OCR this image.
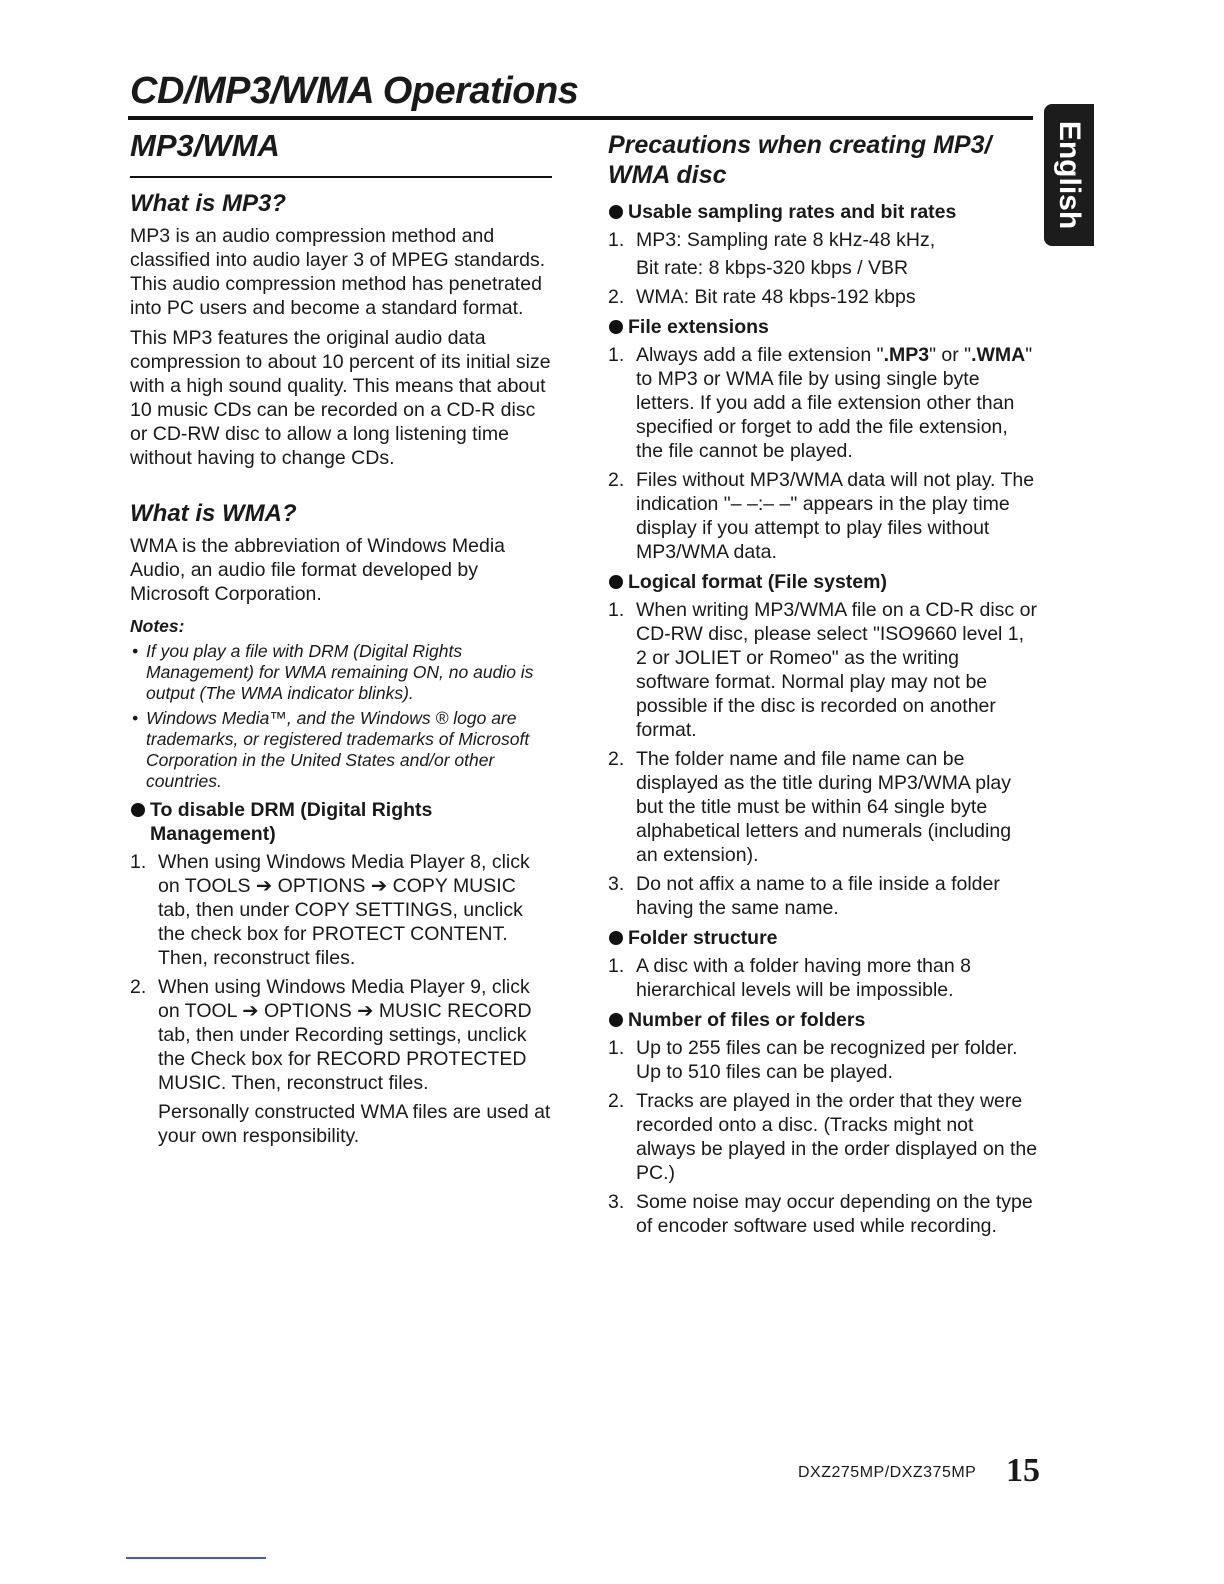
CD/MP3/WMA Operations
English
MP3/WMA
What is MP3?

MP3 is an audio compression method and classified into audio layer 3 of MPEG standards. This audio compression method has penetrated into PC users and become a standard format.

This MP3 features the original audio data compression to about 10 percent of its initial size with a high sound quality. This means that about 10 music CDs can be recorded on a CD-R disc or CD-RW disc to allow a long listening time without having to change CDs.

What is WMA?

WMA is the abbreviation of Windows Media Audio, an audio file format developed by Microsoft Corporation.

Notes:
• If you play a file with DRM (Digital Rights Management) for WMA remaining ON, no audio is output (The WMA indicator blinks).
• Windows Media™, and the Windows ® logo are trademarks, or registered trademarks of Microsoft Corporation in the United States and/or other countries.
To disable DRM (Digital Rights Management)
1. When using Windows Media Player 8, click on TOOLS ➔ OPTIONS ➔ COPY MUSIC tab, then under COPY SETTINGS, unclick the check box for PROTECT CONTENT. Then, reconstruct files.
2. When using Windows Media Player 9, click on TOOL ➔ OPTIONS ➔ MUSIC RECORD tab, then under Recording settings, unclick the Check box for RECORD PROTECTED MUSIC. Then, reconstruct files.

Personally constructed WMA files are used at your own responsibility.

Precautions when creating MP3/ WMA disc
Usable sampling rates and bit rates
1. MP3: Sampling rate 8 kHz-48 kHz,
Bit rate: 8 kbps-320 kbps / VBR
2. WMA: Bit rate 48 kbps-192 kbps
File extensions
1. Always add a file extension ".MP3" or ".WMA" to MP3 or WMA file by using single byte letters. If you add a file extension other than specified or forget to add the file extension, the file cannot be played.
2. Files without MP3/WMA data will not play. The indication "– –:– –" appears in the play time display if you attempt to play files without MP3/WMA data.
Logical format (File system)
1. When writing MP3/WMA file on a CD-R disc or CD-RW disc, please select "ISO9660 level 1, 2 or JOLIET or Romeo" as the writing software format. Normal play may not be possible if the disc is recorded on another format.
2. The folder name and file name can be displayed as the title during MP3/WMA play but the title must be within 64 single byte alphabetical letters and numerals (including an extension).
3. Do not affix a name to a file inside a folder having the same name.
Folder structure
1. A disc with a folder having more than 8 hierarchical levels will be impossible.
Number of files or folders
1. Up to 255 files can be recognized per folder. Up to 510 files can be played.
2. Tracks are played in the order that they were recorded onto a disc. (Tracks might not always be played in the order displayed on the PC.)
3. Some noise may occur depending on the type of encoder software used while recording.
DXZ275MP/DXZ375MP 15
